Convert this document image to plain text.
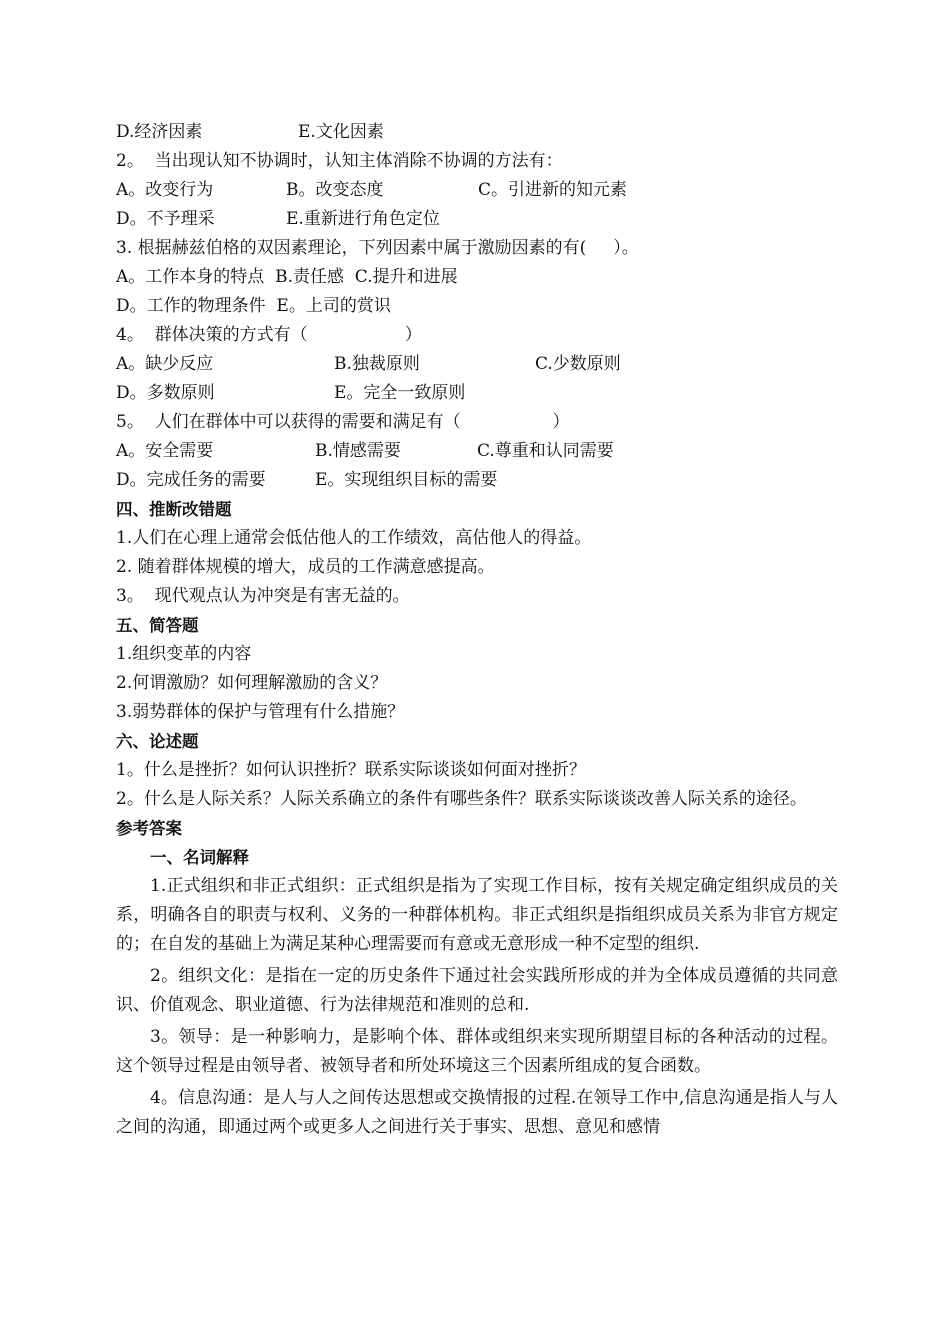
D.经济因素	E.文化因素
2。  当出现认知不协调时，认知主体消除不协调的方法有：
A。改变行为	B。改变态度	C。引进新的知元素
D。不予理采	E.重新进行角色定位
3. 根据赫兹伯格的双因素理论，下列因素中属于激励因素的有(     ）。
A。工作本身的特点  B.责任感  C.提升和进展
D。工作的物理条件  E。上司的赏识
4。  群体决策的方式有（                  ）
A。缺少反应	B.独裁原则	C.少数原则
D。多数原则	E。完全一致原则
5。  人们在群体中可以获得的需要和满足有（                 ）
A。安全需要	B.情感需要	C.尊重和认同需要
D。完成任务的需要	E。实现组织目标的需要
四、推断改错题
1.人们在心理上通常会低估他人的工作绩效，高估他人的得益。
2. 随着群体规模的增大，成员的工作满意感提高。
3。  现代观点认为冲突是有害无益的。
五、简答题
1.组织变革的内容
2.何谓激励？如何理解激励的含义？
3.弱势群体的保护与管理有什么措施？
六、论述题
1。什么是挫折？如何认识挫折？联系实际谈谈如何面对挫折？

2。什么是人际关系？人际关系确立的条件有哪些条件？联系实际谈谈改善人际关系的途径。

参考答案
一、名词解释

1.正式组织和非正式组织：正式组织是指为了实现工作目标，按有关规定确定组织成员的关系，明确各自的职责与权利、义务的一种群体机构。非正式组织是指组织成员关系为非官方规定的；在自发的基础上为满足某种心理需要而有意或无意形成一种不定型的组织.

2。组织文化：是指在一定的历史条件下通过社会实践所形成的并为全体成员遵循的共同意识、价值观念、职业道德、行为法律规范和准则的总和.

3。领导：是一种影响力，是影响个体、群体或组织来实现所期望目标的各种活动的过程。这个领导过程是由领导者、被领导者和所处环境这三个因素所组成的复合函数。

4。信息沟通：是人与人之间传达思想或交换情报的过程.在领导工作中,信息沟通是指人与人之间的沟通，即通过两个或更多人之间进行关于事实、思想、意见和感情
